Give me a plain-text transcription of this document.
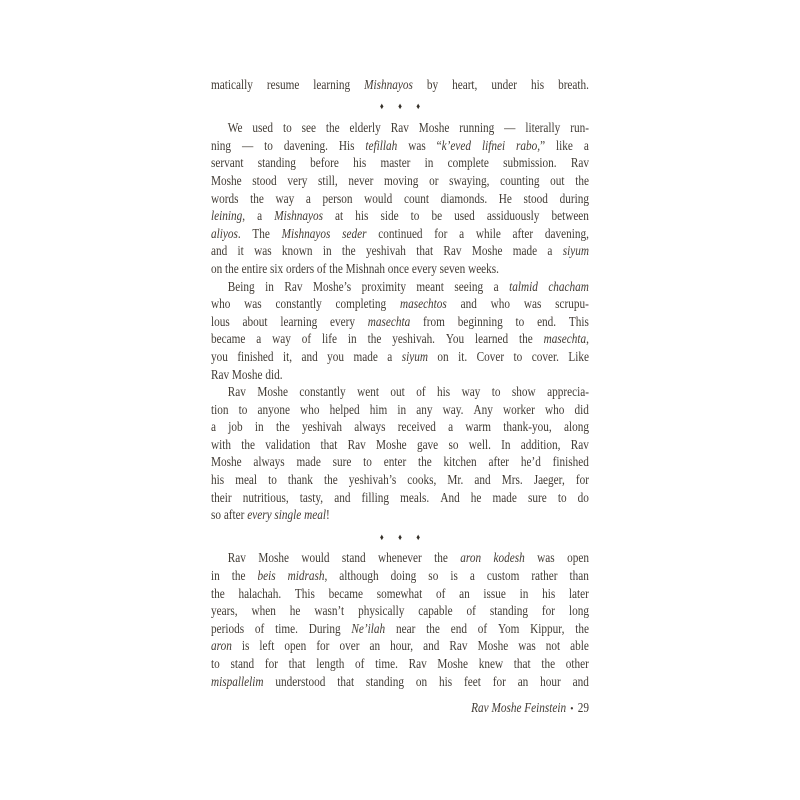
matically resume learning Mishnayos by heart, under his breath.
♦ ♦ ♦
We used to see the elderly Rav Moshe running — literally run-
ning — to davening. His tefillah was “k’eved lifnei rabo,” like a
servant standing before his master in complete submission. Rav
Moshe stood very still, never moving or swaying, counting out the
words the way a person would count diamonds. He stood during
leining, a Mishnayos at his side to be used assiduously between
aliyos. The Mishnayos seder continued for a while after davening,
and it was known in the yeshivah that Rav Moshe made a siyum
on the entire six orders of the Mishnah once every seven weeks.
Being in Rav Moshe’s proximity meant seeing a talmid chacham
who was constantly completing masechtos and who was scrupu-
lous about learning every masechta from beginning to end. This
became a way of life in the yeshivah. You learned the masechta,
you finished it, and you made a siyum on it. Cover to cover. Like
Rav Moshe did.
Rav Moshe constantly went out of his way to show apprecia-
tion to anyone who helped him in any way. Any worker who did
a job in the yeshivah always received a warm thank-you, along
with the validation that Rav Moshe gave so well. In addition, Rav
Moshe always made sure to enter the kitchen after he’d finished
his meal to thank the yeshivah’s cooks, Mr. and Mrs. Jaeger, for
their nutritious, tasty, and filling meals. And he made sure to do
so after every single meal!
♦ ♦ ♦
Rav Moshe would stand whenever the aron kodesh was open
in the beis midrash, although doing so is a custom rather than
the halachah. This became somewhat of an issue in his later
years, when he wasn’t physically capable of standing for long
periods of time. During Ne’ilah near the end of Yom Kippur, the
aron is left open for over an hour, and Rav Moshe was not able
to stand for that length of time. Rav Moshe knew that the other
mispallelim understood that standing on his feet for an hour and
Rav Moshe Feinstein • 29
